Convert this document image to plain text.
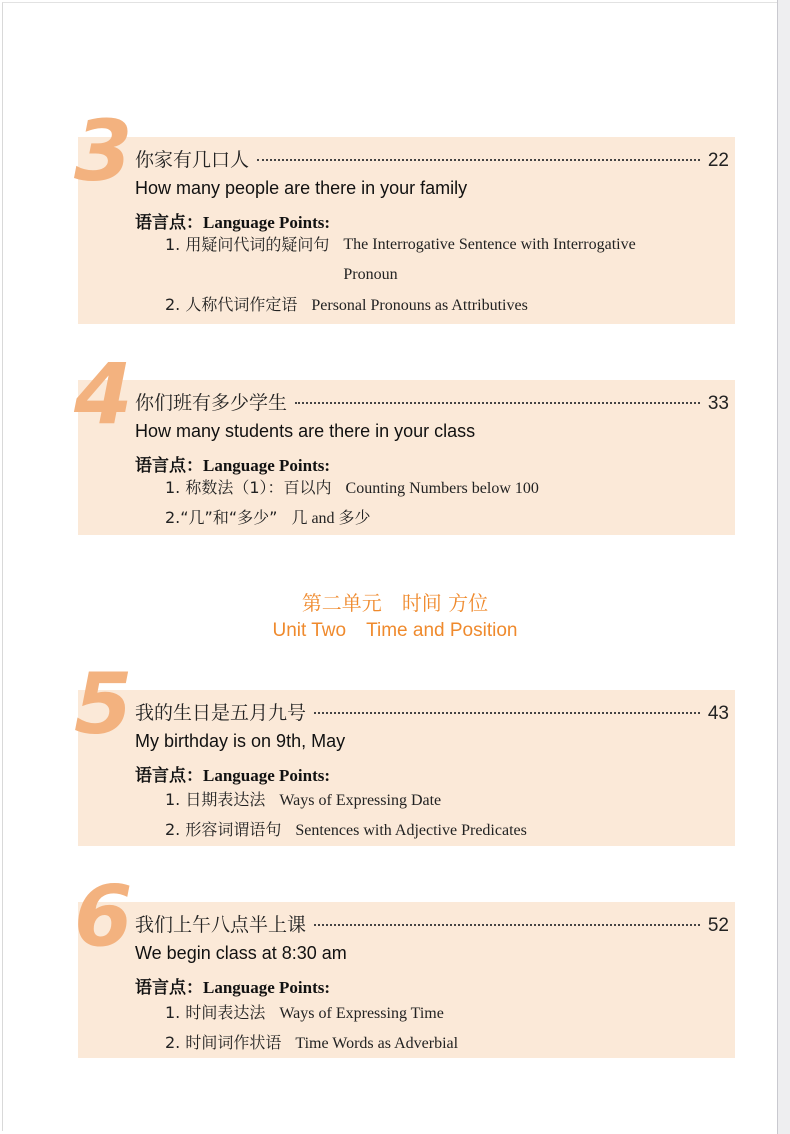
3 你家有几口人	22
How many people are there in your family
语言点：Language Points:
1. 用疑问代词的疑问句 The Interrogative Sentence with Interrogative
Pronoun
2. 人称代词作定语 Personal Pronouns as Attributives
4 你们班有多少学生	33
How many students are there in your class
语言点：Language Points:
1. 称数法（1）：百以内 Counting Numbers below 100
2.“几”和“多少” 几 and 多少
第二单元 时间 方位
Unit Two Time and Position
5 我的生日是五月九号	43
My birthday is on 9th, May
语言点：Language Points:
1. 日期表达法 Ways of Expressing Date
2. 形容词谓语句 Sentences with Adjective Predicates
6 我们上午八点半上课	52
We begin class at 8:30 am
语言点：Language Points:
1. 时间表达法 Ways of Expressing Time
2. 时间词作状语 Time Words as Adverbial
